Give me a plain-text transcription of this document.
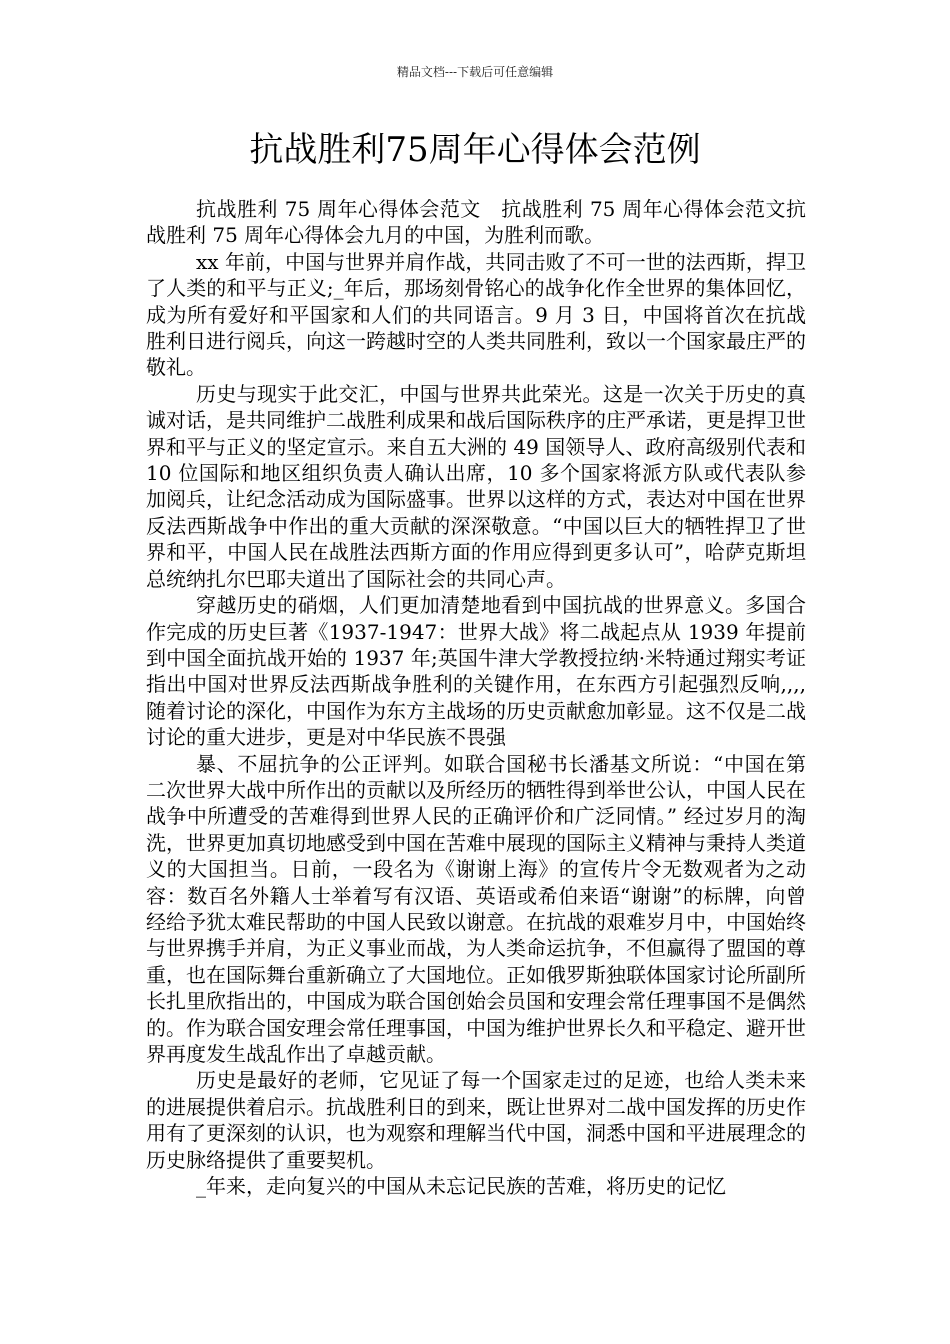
精品文档---下载后可任意编辑
抗战胜利75周年心得体会范例

抗战胜利 75 周年心得体会范文　抗战胜利 75 周年心得体会范文抗战胜利 75 周年心得体会九月的中国，为胜利而歌。

xx 年前，中国与世界并肩作战，共同击败了不可一世的法西斯，捍卫了人类的和平与正义;_年后，那场刻骨铭心的战争化作全世界的集体回忆，成为所有爱好和平国家和人们的共同语言。9 月 3 日，中国将首次在抗战胜利日进行阅兵，向这一跨越时空的人类共同胜利，致以一个国家最庄严的敬礼。

历史与现实于此交汇，中国与世界共此荣光。这是一次关于历史的真诚对话，是共同维护二战胜利成果和战后国际秩序的庄严承诺，更是捍卫世界和平与正义的坚定宣示。来自五大洲的 49 国领导人、政府高级别代表和 10 位国际和地区组织负责人确认出席，10 多个国家将派方队或代表队参加阅兵，让纪念活动成为国际盛事。世界以这样的方式，表达对中国在世界反法西斯战争中作出的重大贡献的深深敬意。“中国以巨大的牺牲捍卫了世界和平，中国人民在战胜法西斯方面的作用应得到更多认可”，哈萨克斯坦总统纳扎尔巴耶夫道出了国际社会的共同心声。

穿越历史的硝烟，人们更加清楚地看到中国抗战的世界意义。多国合作完成的历史巨著《1937-1947：世界大战》将二战起点从 1939 年提前到中国全面抗战开始的 1937 年;英国牛津大学教授拉纳·米特通过翔实考证指出中国对世界反法西斯战争胜利的关键作用，在东西方引起强烈反响,,,,随着讨论的深化，中国作为东方主战场的历史贡献愈加彰显。这不仅是二战讨论的重大进步，更是对中华民族不畏强

暴、不屈抗争的公正评判。如联合国秘书长潘基文所说：“中国在第二次世界大战中所作出的贡献以及所经历的牺牲得到举世公认，中国人民在战争中所遭受的苦难得到世界人民的正确评价和广泛同情。” 经过岁月的淘洗，世界更加真切地感受到中国在苦难中展现的国际主义精神与秉持人类道义的大国担当。日前，一段名为《谢谢上海》的宣传片令无数观者为之动容：数百名外籍人士举着写有汉语、英语或希伯来语“谢谢”的标牌，向曾经给予犹太难民帮助的中国人民致以谢意。在抗战的艰难岁月中，中国始终与世界携手并肩，为正义事业而战，为人类命运抗争，不但赢得了盟国的尊重，也在国际舞台重新确立了大国地位。正如俄罗斯独联体国家讨论所副所长扎里欣指出的，中国成为联合国创始会员国和安理会常任理事国不是偶然的。作为联合国安理会常任理事国，中国为维护世界长久和平稳定、避开世界再度发生战乱作出了卓越贡献。

历史是最好的老师，它见证了每一个国家走过的足迹，也给人类未来的进展提供着启示。抗战胜利日的到来，既让世界对二战中国发挥的历史作用有了更深刻的认识，也为观察和理解当代中国，洞悉中国和平进展理念的历史脉络提供了重要契机。

_年来，走向复兴的中国从未忘记民族的苦难，将历史的记忆
